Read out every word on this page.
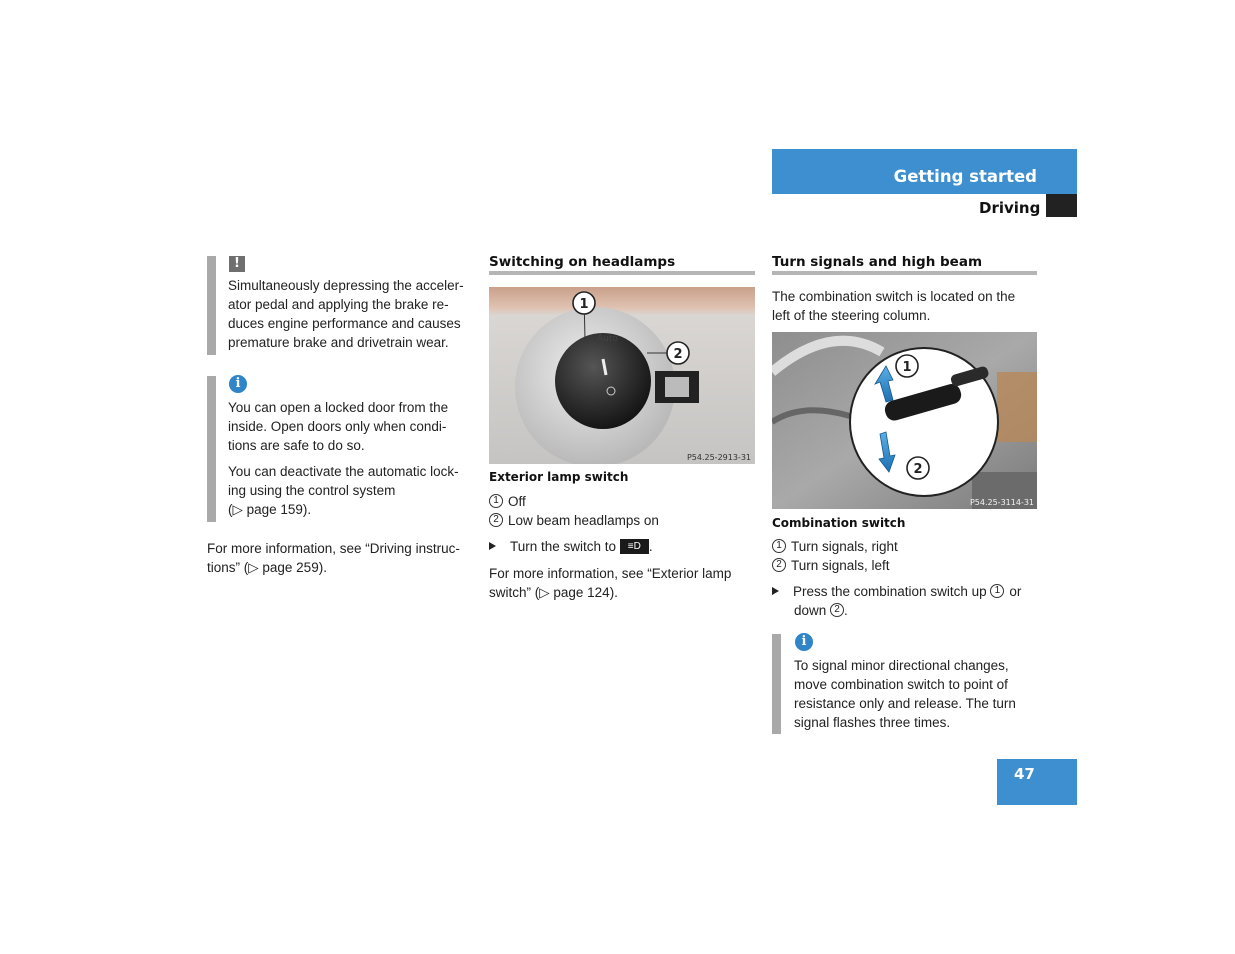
Getting started
Driving
!
Simultaneously depressing the acceler-
ator pedal and applying the brake re-
duces engine performance and causes
premature brake and drivetrain wear.
i
You can open a locked door from the
inside. Open doors only when condi-
tions are safe to do so.
You can deactivate the automatic lock-
ing using the control system
(▷ page 159).
For more information, see “Driving instruc-
tions” (▷ page 259).
Switching on headlamps
Auto
1
2
P54.25-2913-31
Exterior lamp switch
1 Off
2 Low beam headlamps on
Turn the switch to ≡D .
For more information, see “Exterior lamp
switch” (▷ page 124).
Turn signals and high beam
The combination switch is located on the
left of the steering column.
1
2
P54.25-3114-31
Combination switch
1 Turn signals, right
2 Turn signals, left
Press the combination switch up 1 or down 2 .
i
To signal minor directional changes,
move combination switch to point of
resistance only and release. The turn
signal flashes three times.
47
